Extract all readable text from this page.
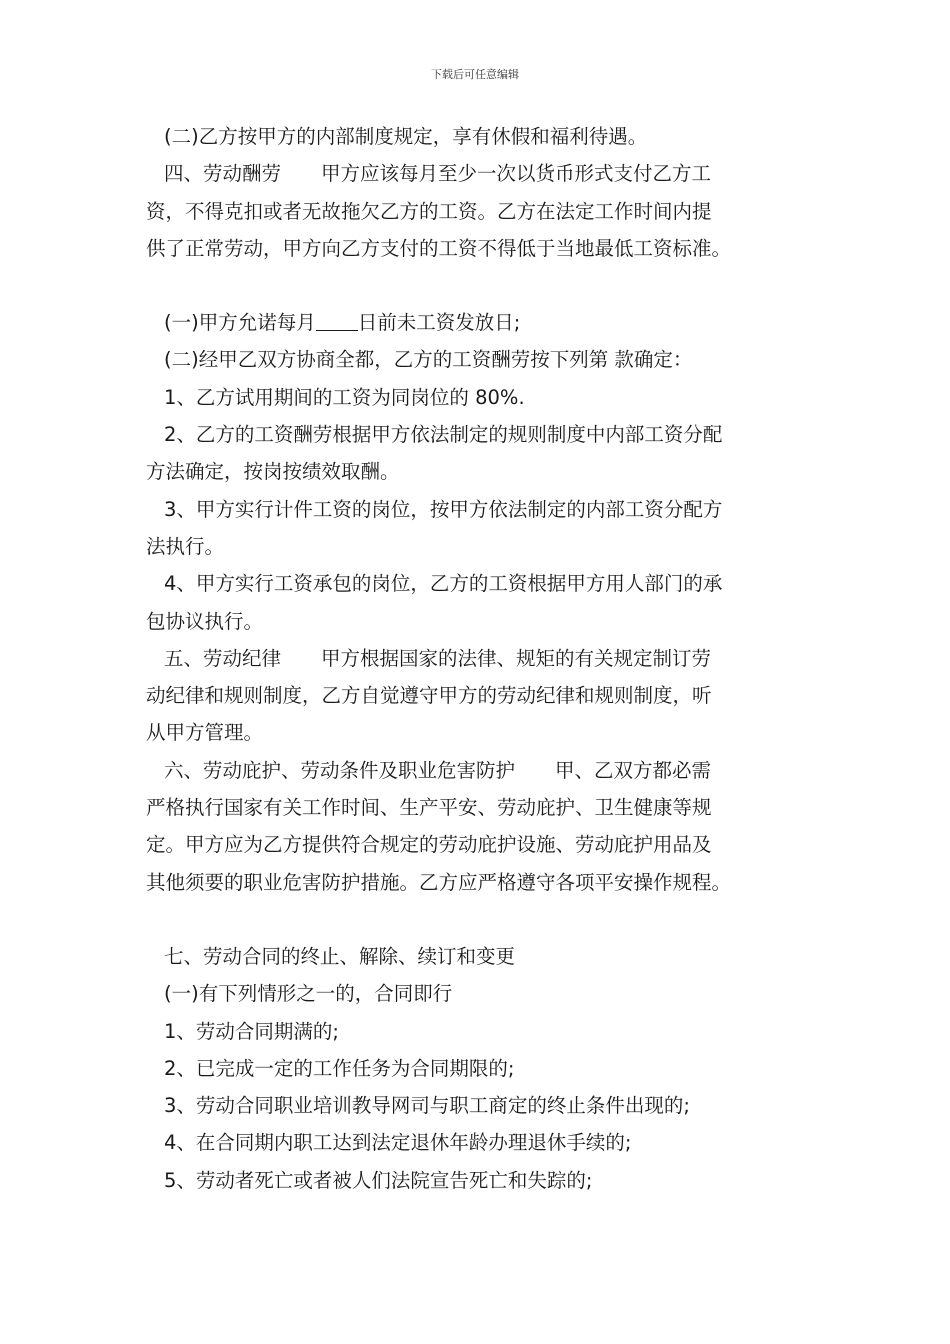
下载后可任意编辑

(二)乙方按甲方的内部制度规定，享有休假和福利待遇。

四、劳动酬劳 甲方应该每月至少一次以货币形式支付乙方工

资，不得克扣或者无故拖欠乙方的工资。乙方在法定工作时间内提

供了正常劳动，甲方向乙方支付的工资不得低于当地最低工资标准。

(一)甲方允诺每月 日前未工资发放日;

(二)经甲乙双方协商全都，乙方的工资酬劳按下列第 款确定：

1、乙方试用期间的工资为同岗位的 80%.

2、乙方的工资酬劳根据甲方依法制定的规则制度中内部工资分配

方法确定，按岗按绩效取酬。

3、甲方实行计件工资的岗位，按甲方依法制定的内部工资分配方

法执行。

4、甲方实行工资承包的岗位，乙方的工资根据甲方用人部门的承

包协议执行。

五、劳动纪律 甲方根据国家的法律、规矩的有关规定制订劳

动纪律和规则制度，乙方自觉遵守甲方的劳动纪律和规则制度，听

从甲方管理。

六、劳动庇护、劳动条件及职业危害防护 甲、乙双方都必需

严格执行国家有关工作时间、生产平安、劳动庇护、卫生健康等规

定。甲方应为乙方提供符合规定的劳动庇护设施、劳动庇护用品及

其他须要的职业危害防护措施。乙方应严格遵守各项平安操作规程。

七、劳动合同的终止、解除、续订和变更

(一)有下列情形之一的，合同即行

1、劳动合同期满的;

2、已完成一定的工作任务为合同期限的;

3、劳动合同职业培训教导网司与职工商定的终止条件出现的;

4、在合同期内职工达到法定退休年龄办理退休手续的;

5、劳动者死亡或者被人们法院宣告死亡和失踪的;
